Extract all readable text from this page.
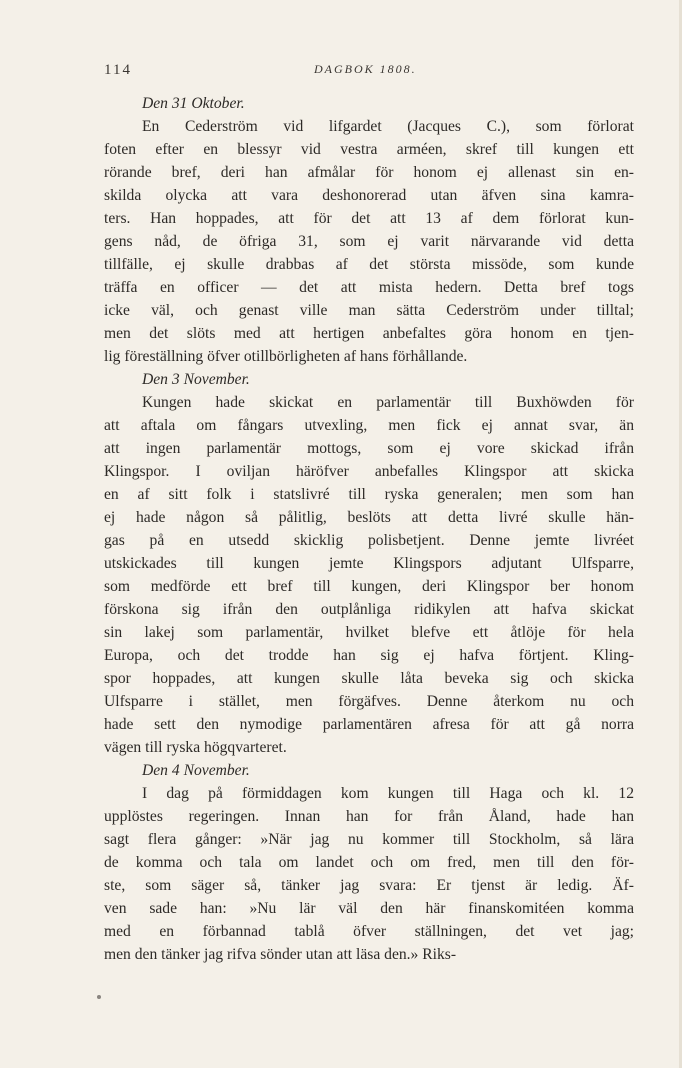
114	DAGBOK 1808.
Den 31 Oktober.
En Cederström vid lifgardet (Jacques C.), som förlorat
foten efter en blessyr vid vestra arméen, skref till kungen ett
rörande bref, deri han afmålar för honom ej allenast sin en-
skilda olycka att vara deshonorerad utan äfven sina kamra-
ters. Han hoppades, att för det att 13 af dem förlorat kun-
gens nåd, de öfriga 31, som ej varit närvarande vid detta
tillfälle, ej skulle drabbas af det största missöde, som kunde
träffa en officer — det att mista hedern. Detta bref togs
icke väl, och genast ville man sätta Cederström under tilltal;
men det slöts med att hertigen anbefaltes göra honom en tjen-
lig föreställning öfver otillbörligheten af hans förhållande.
Den 3 November.
Kungen hade skickat en parlamentär till Buxhöwden för
att aftala om fångars utvexling, men fick ej annat svar, än
att ingen parlamentär mottogs, som ej vore skickad ifrån
Klingspor. I oviljan häröfver anbefalles Klingspor att skicka
en af sitt folk i statslivré till ryska generalen; men som han
ej hade någon så pålitlig, beslöts att detta livré skulle hän-
gas på en utsedd skicklig polisbetjent. Denne jemte livréet
utskickades till kungen jemte Klingspors adjutant Ulfsparre,
som medförde ett bref till kungen, deri Klingspor ber honom
förskona sig ifrån den outplånliga ridikylen att hafva skickat
sin lakej som parlamentär, hvilket blefve ett åtlöje för hela
Europa, och det trodde han sig ej hafva förtjent. Kling-
spor hoppades, att kungen skulle låta beveka sig och skicka
Ulfsparre i stället, men förgäfves. Denne återkom nu och
hade sett den nymodige parlamentären afresa för att gå norra
vägen till ryska högqvarteret.
Den 4 November.
I dag på förmiddagen kom kungen till Haga och kl. 12
upplöstes regeringen. Innan han for från Åland, hade han
sagt flera gånger: »När jag nu kommer till Stockholm, så lära
de komma och tala om landet och om fred, men till den för-
ste, som säger så, tänker jag svara: Er tjenst är ledig. Äf-
ven sade han: »Nu lär väl den här finanskomitéen komma
med en förbannad tablå öfver ställningen, det vet jag;
men den tänker jag rifva sönder utan att läsa den.» Riks-
